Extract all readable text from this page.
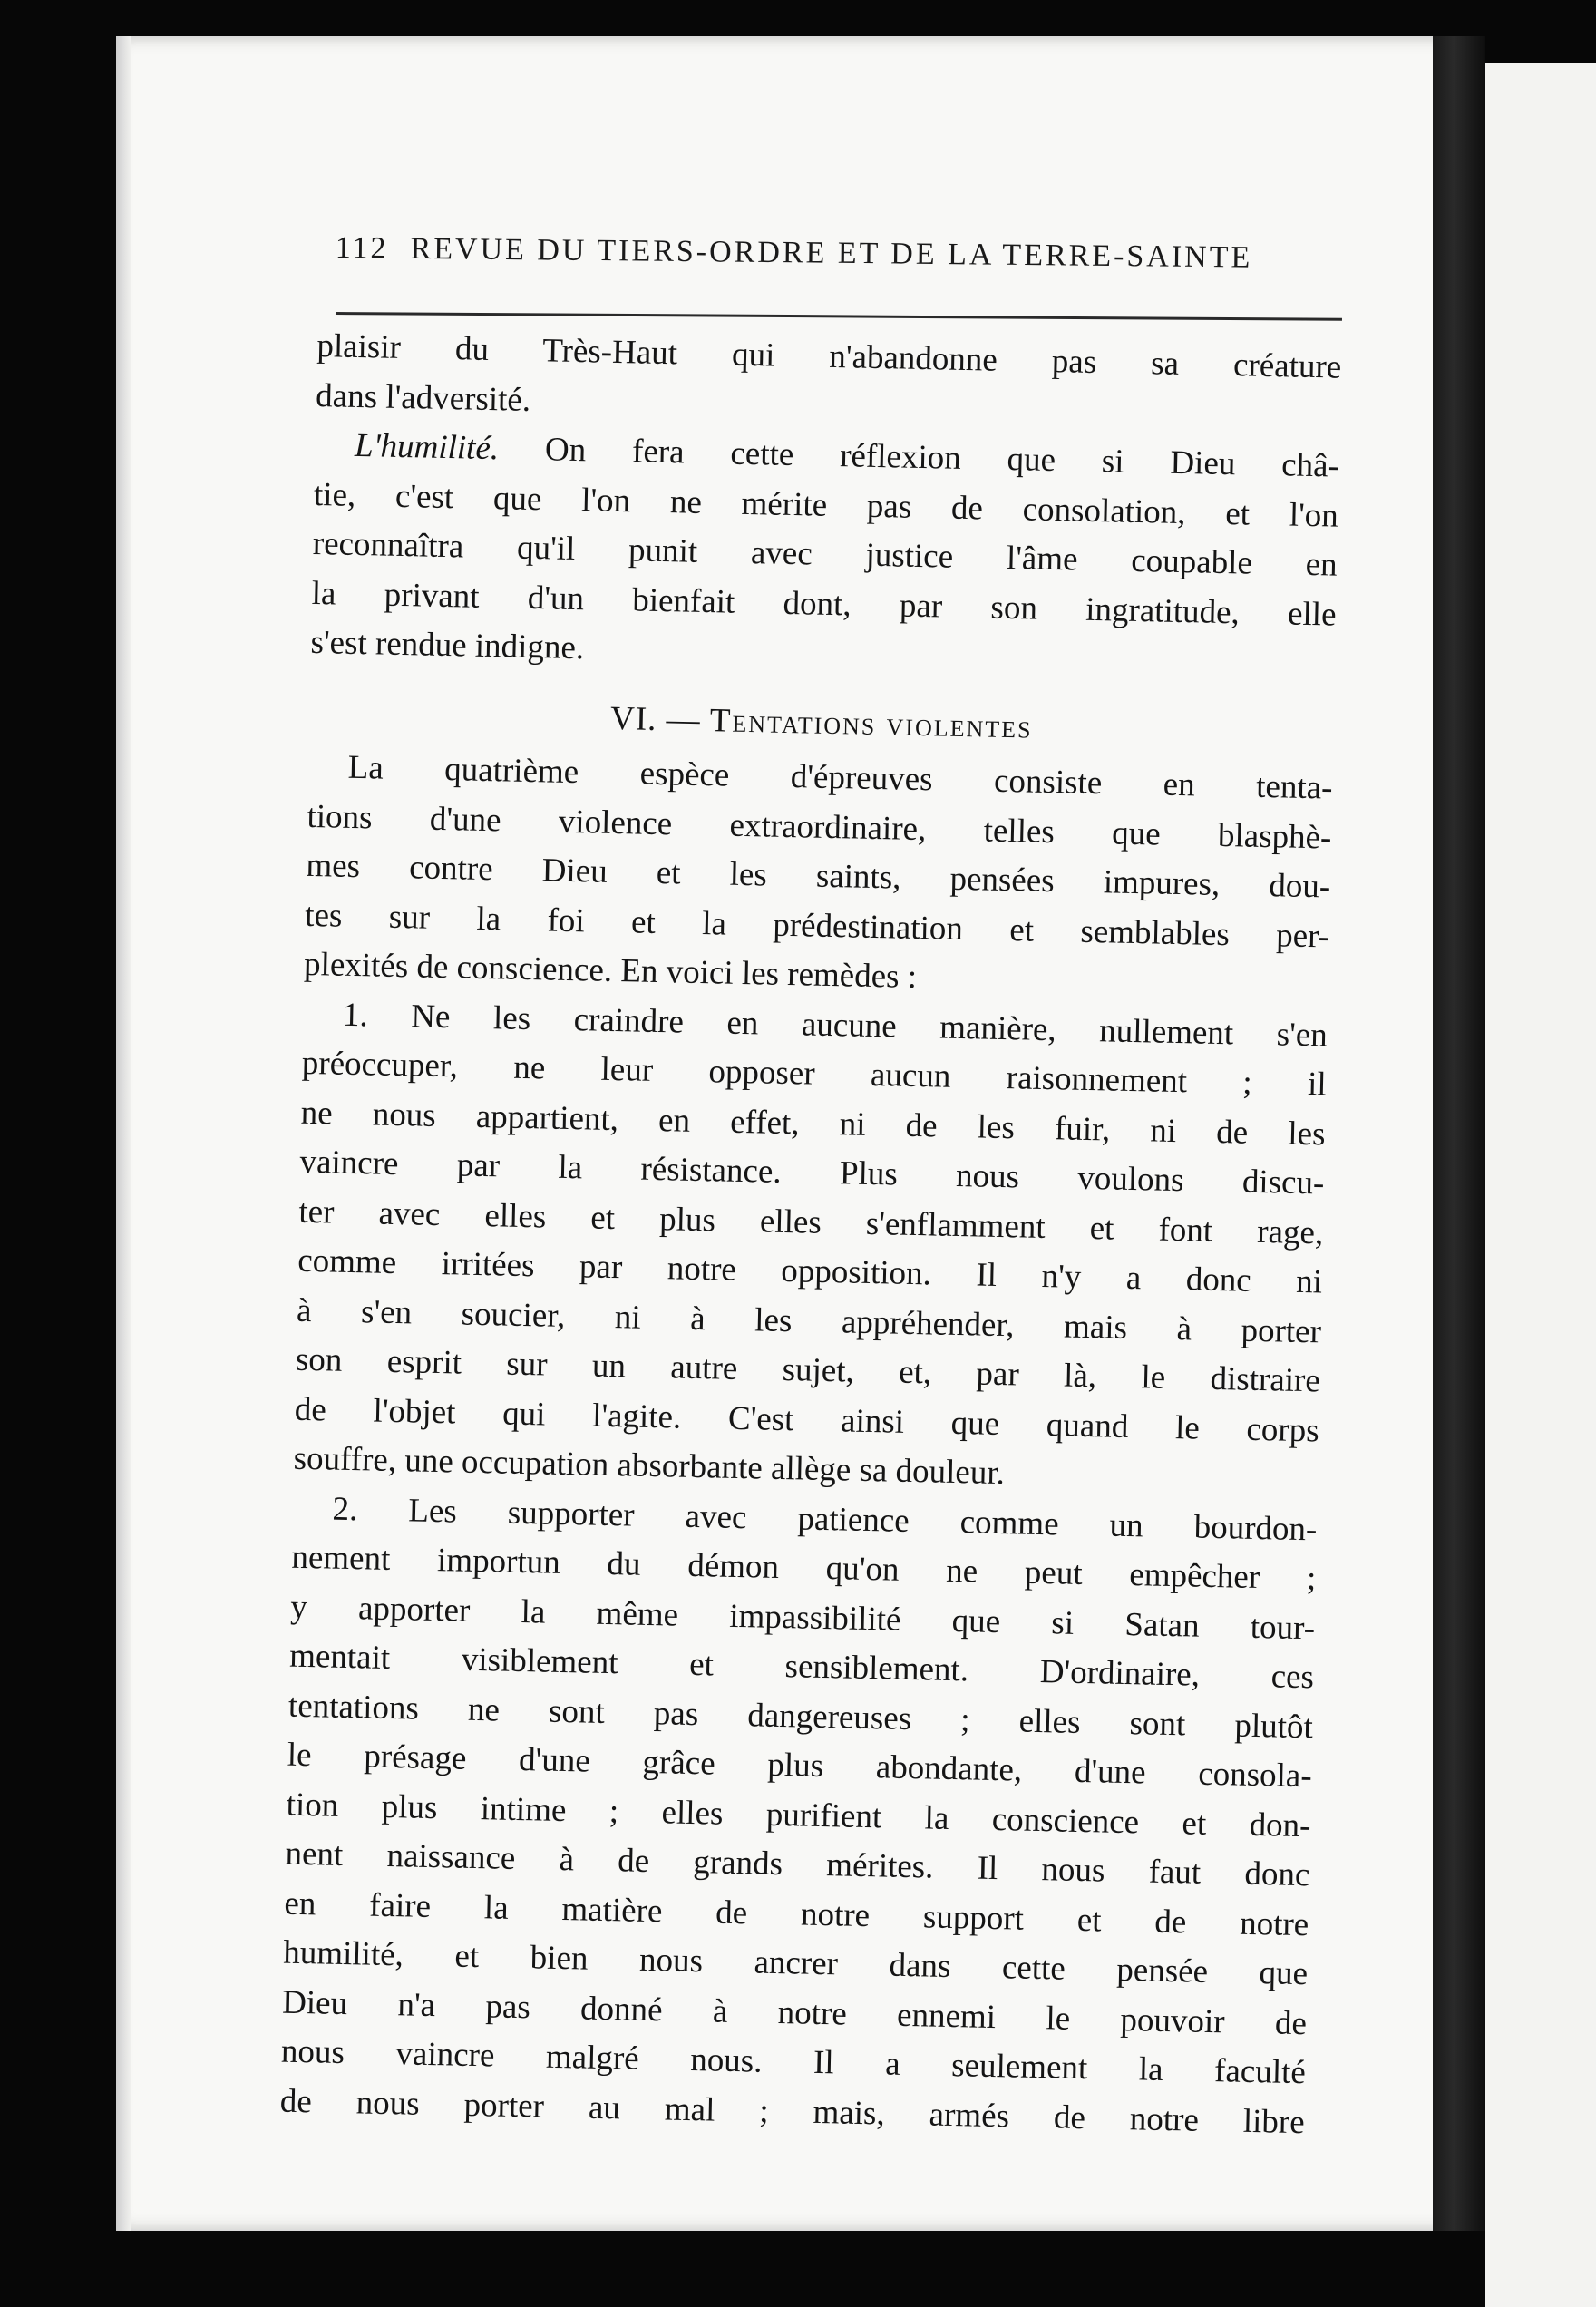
112 REVUE DU TIERS-ORDRE ET DE LA TERRE-SAINTE
plaisir du Très-Haut qui n'abandonne pas sa créature
dans l'adversité.
L'humilité. On fera cette réflexion que si Dieu châ-
tie, c'est que l'on ne mérite pas de consolation, et l'on
reconnaîtra qu'il punit avec justice l'âme coupable en
la privant d'un bienfait dont, par son ingratitude, elle
s'est rendue indigne.
VI. — Tentations violentes
La quatrième espèce d'épreuves consiste en tenta-
tions d'une violence extraordinaire, telles que blasphè-
mes contre Dieu et les saints, pensées impures, dou-
tes sur la foi et la prédestination et semblables per-
plexités de conscience. En voici les remèdes :
1. Ne les craindre en aucune manière, nullement s'en
préoccuper, ne leur opposer aucun raisonnement ; il
ne nous appartient, en effet, ni de les fuir, ni de les
vaincre par la résistance. Plus nous voulons discu-
ter avec elles et plus elles s'enflamment et font rage,
comme irritées par notre opposition. Il n'y a donc ni
à s'en soucier, ni à les appréhender, mais à porter
son esprit sur un autre sujet, et, par là, le distraire
de l'objet qui l'agite. C'est ainsi que quand le corps
souffre, une occupation absorbante allège sa douleur.
2. Les supporter avec patience comme un bourdon-
nement importun du démon qu'on ne peut empêcher ;
y apporter la même impassibilité que si Satan tour-
mentait visiblement et sensiblement. D'ordinaire, ces
tentations ne sont pas dangereuses ; elles sont plutôt
le présage d'une grâce plus abondante, d'une consola-
tion plus intime ; elles purifient la conscience et don-
nent naissance à de grands mérites. Il nous faut donc
en faire la matière de notre support et de notre
humilité, et bien nous ancrer dans cette pensée que
Dieu n'a pas donné à notre ennemi le pouvoir de
nous vaincre malgré nous. Il a seulement la faculté
de nous porter au mal ; mais, armés de notre libre
